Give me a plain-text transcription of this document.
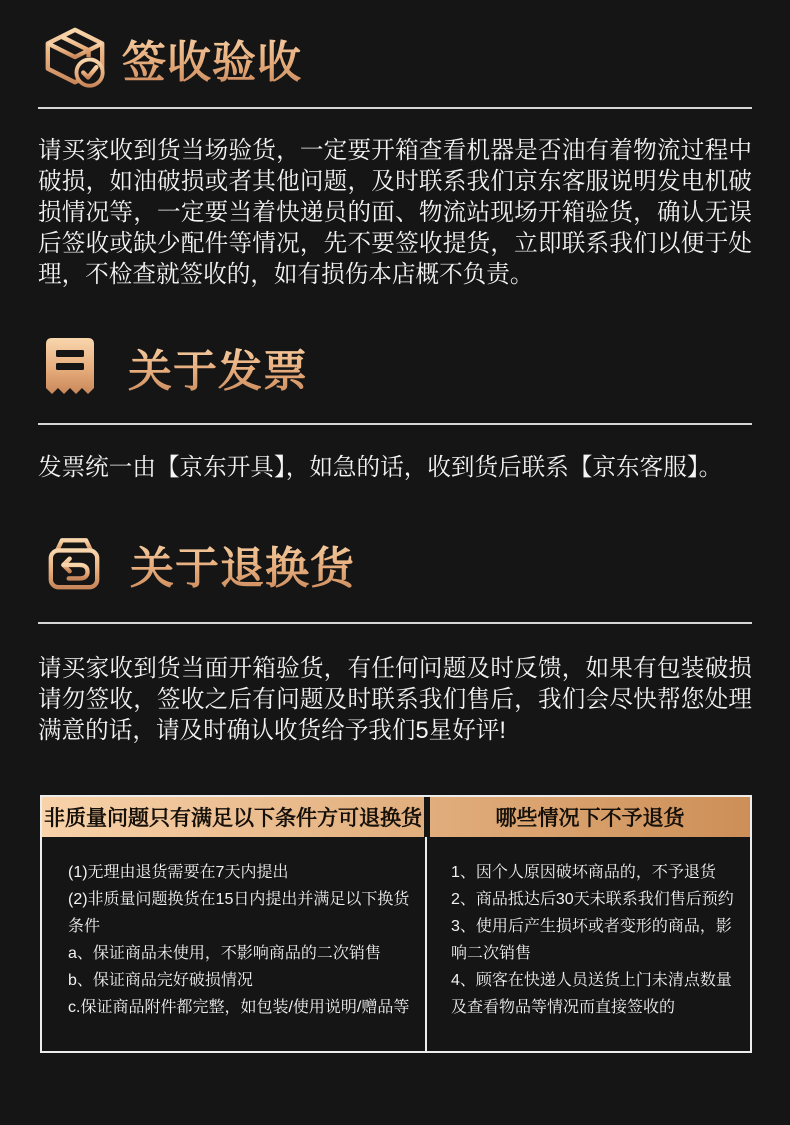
签收验收

请买家收到货当场验货，一定要开箱查看机器是否油有着物流过程中破损，如油破损或者其他问题，及时联系我们京东客服说明发电机破损情况等，一定要当着快递员的面、物流站现场开箱验货，确认无误后签收或缺少配件等情况，先不要签收提货，立即联系我们以便于处理，不检查就签收的，如有损伤本店概不负责。

关于发票

发票统一由【京东开具】，如急的话，收到货后联系【京东客服】。

关于退换货

请买家收到货当面开箱验货，有任何问题及时反馈，如果有包装破损请勿签收，签收之后有问题及时联系我们售后，我们会尽快帮您处理满意的话，请及时确认收货给予我们5星好评!

非质量问题只有满足以下条件方可退换货	哪些情况下不予退货
(1)无理由退货需要在7天内提出
(2)非质量问题换货在15日内提出并满足以下换货条件
a、保证商品未使用，不影响商品的二次销售
b、保证商品完好破损情况
c.保证商品附件都完整，如包装/使用说明/赠品等
1、因个人原因破坏商品的，不予退货
2、商品抵达后30天未联系我们售后预约
3、使用后产生损坏或者变形的商品，影响二次销售
4、顾客在快递人员送货上门未清点数量及查看物品等情况而直接签收的
